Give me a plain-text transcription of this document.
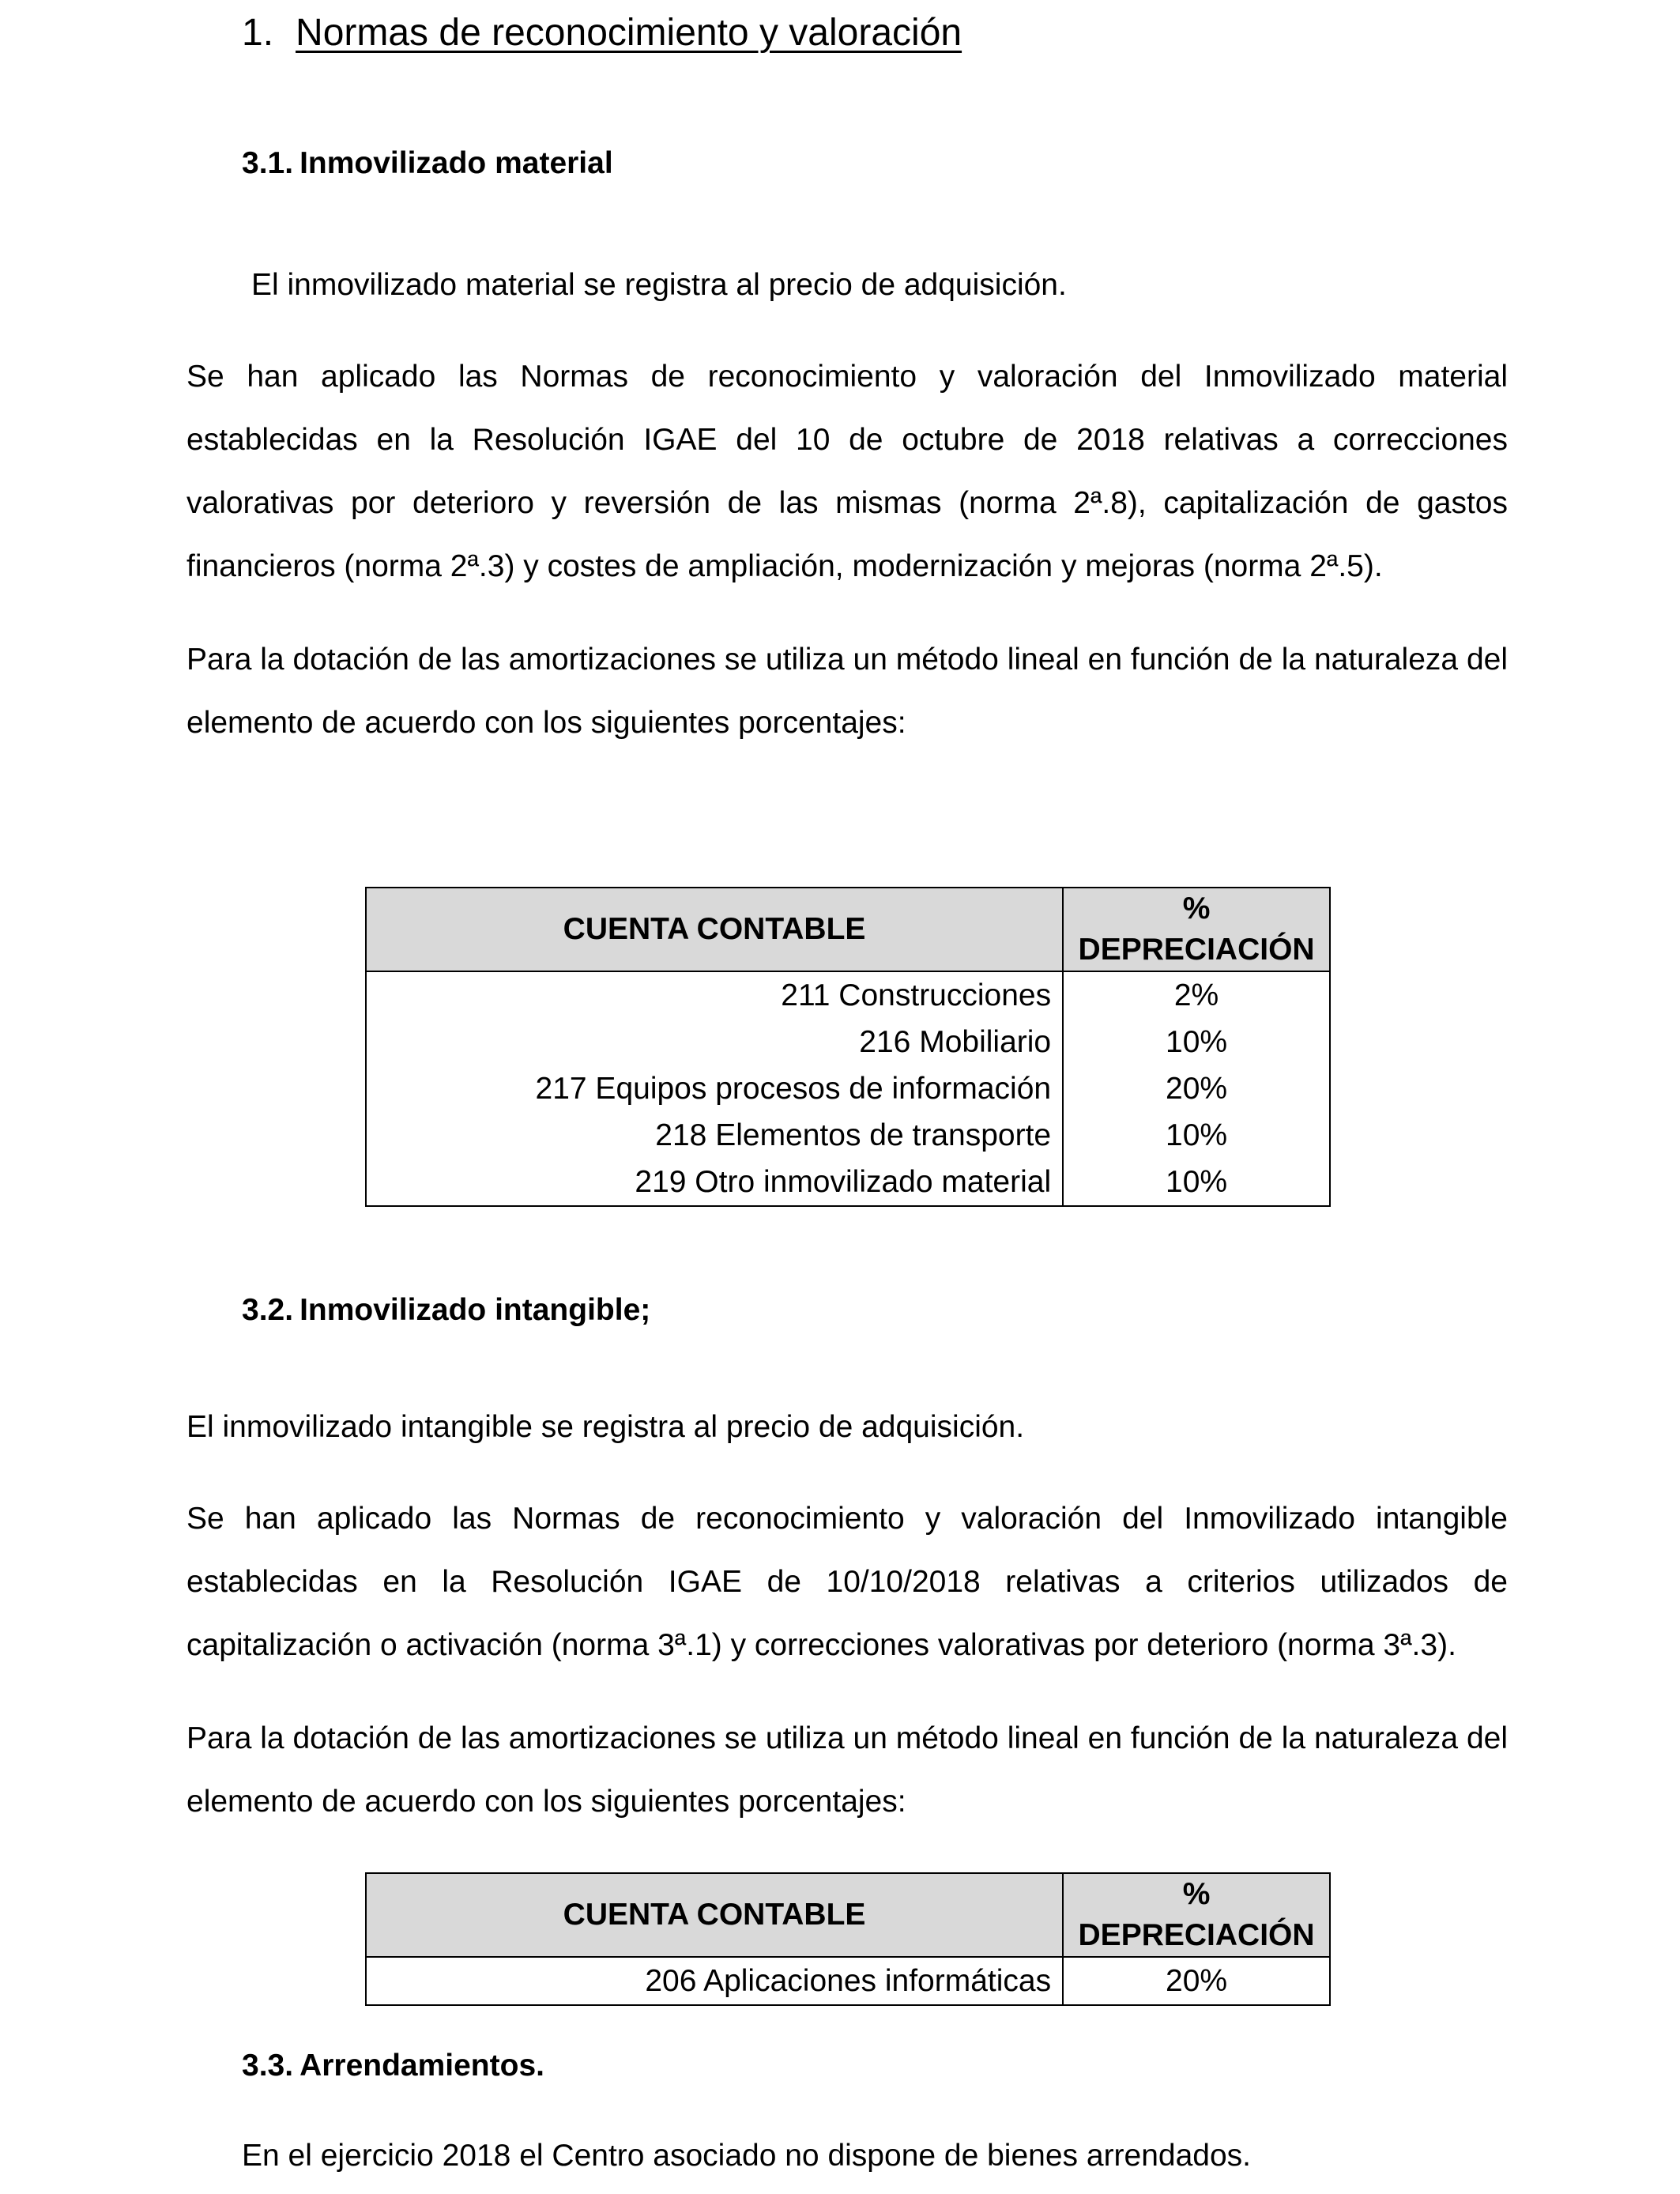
1. Normas de reconocimiento y valoración
3.1. Inmovilizado material

El inmovilizado material se registra al precio de adquisición.

Se han aplicado las Normas de reconocimiento y valoración del Inmovilizado material establecidas en la Resolución IGAE del 10 de octubre de 2018 relativas a correcciones valorativas por deterioro y reversión de las mismas (norma 2ª.8), capitalización de gastos financieros (norma 2ª.3) y costes de ampliación, modernización y mejoras (norma 2ª.5).

Para la dotación de las amortizaciones se utiliza un método lineal en función de la naturaleza del elemento de acuerdo con los siguientes porcentajes:

CUENTA CONTABLE	%
DEPRECIACIÓN
211 Construcciones	2%
216 Mobiliario	10%
217 Equipos procesos de información	20%
218 Elementos de transporte	10%
219 Otro inmovilizado material	10%
3.2. Inmovilizado intangible;

El inmovilizado intangible se registra al precio de adquisición.

Se han aplicado las Normas de reconocimiento y valoración del Inmovilizado intangible establecidas en la Resolución IGAE de 10/10/2018 relativas a criterios utilizados de capitalización o activación (norma 3ª.1) y correcciones valorativas por deterioro (norma 3ª.3).

Para la dotación de las amortizaciones se utiliza un método lineal en función de la naturaleza del elemento de acuerdo con los siguientes porcentajes:

CUENTA CONTABLE	%
DEPRECIACIÓN
206 Aplicaciones informáticas	20%
3.3. Arrendamientos.

En el ejercicio 2018 el Centro asociado no dispone de bienes arrendados.
